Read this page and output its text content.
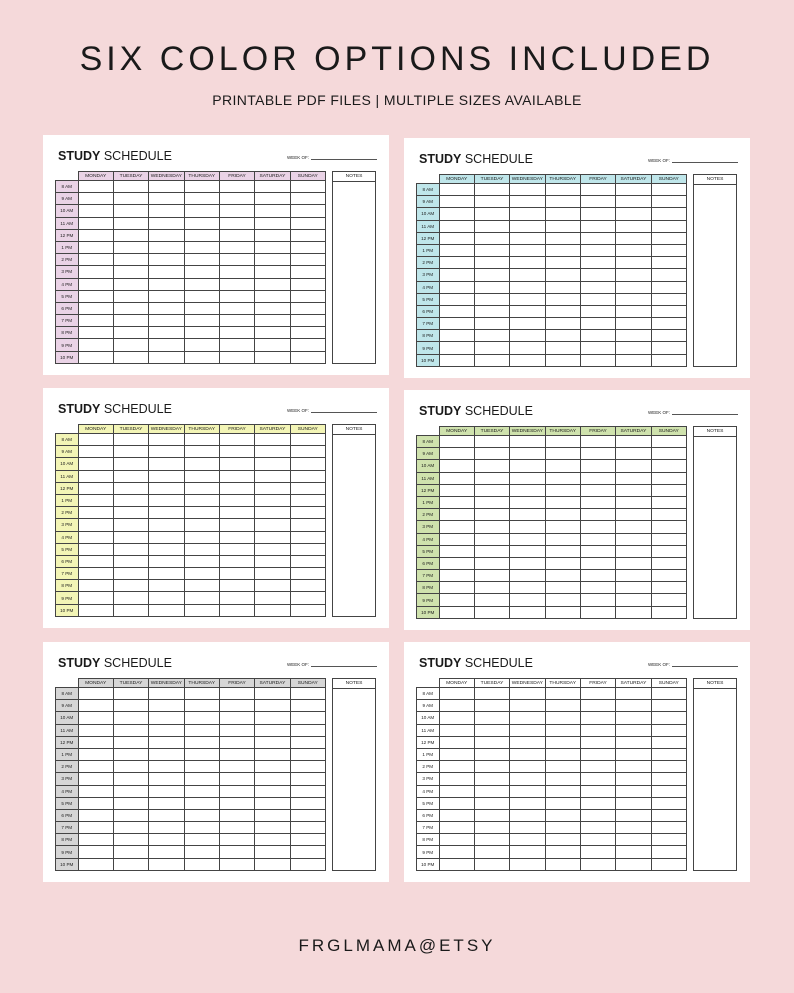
SIX COLOR OPTIONS INCLUDED
PRINTABLE PDF FILES | MULTIPLE SIZES AVAILABLE
STUDY SCHEDULE	WEEK OF:
	MONDAY	TUESDAY	WEDNESDAY	THURSDAY	FRIDAY	SATURDAY	SUNDAY
8 AM							
9 AM							
10 AM							
11 AM							
12 PM							
1 PM							
2 PM							
3 PM							
4 PM							
5 PM							
6 PM							
7 PM							
8 PM							
9 PM							
10 PM							
NOTES
STUDY SCHEDULE	WEEK OF:
	MONDAY	TUESDAY	WEDNESDAY	THURSDAY	FRIDAY	SATURDAY	SUNDAY
8 AM							
9 AM							
10 AM							
11 AM							
12 PM							
1 PM							
2 PM							
3 PM							
4 PM							
5 PM							
6 PM							
7 PM							
8 PM							
9 PM							
10 PM							
NOTES
STUDY SCHEDULE	WEEK OF:
	MONDAY	TUESDAY	WEDNESDAY	THURSDAY	FRIDAY	SATURDAY	SUNDAY
8 AM							
9 AM							
10 AM							
11 AM							
12 PM							
1 PM							
2 PM							
3 PM							
4 PM							
5 PM							
6 PM							
7 PM							
8 PM							
9 PM							
10 PM							
NOTES
STUDY SCHEDULE	WEEK OF:
	MONDAY	TUESDAY	WEDNESDAY	THURSDAY	FRIDAY	SATURDAY	SUNDAY
8 AM							
9 AM							
10 AM							
11 AM							
12 PM							
1 PM							
2 PM							
3 PM							
4 PM							
5 PM							
6 PM							
7 PM							
8 PM							
9 PM							
10 PM							
NOTES
STUDY SCHEDULE	WEEK OF:
	MONDAY	TUESDAY	WEDNESDAY	THURSDAY	FRIDAY	SATURDAY	SUNDAY
8 AM							
9 AM							
10 AM							
11 AM							
12 PM							
1 PM							
2 PM							
3 PM							
4 PM							
5 PM							
6 PM							
7 PM							
8 PM							
9 PM							
10 PM							
NOTES
STUDY SCHEDULE	WEEK OF:
	MONDAY	TUESDAY	WEDNESDAY	THURSDAY	FRIDAY	SATURDAY	SUNDAY
8 AM							
9 AM							
10 AM							
11 AM							
12 PM							
1 PM							
2 PM							
3 PM							
4 PM							
5 PM							
6 PM							
7 PM							
8 PM							
9 PM							
10 PM							
NOTES
FRGLMAMA@ETSY
